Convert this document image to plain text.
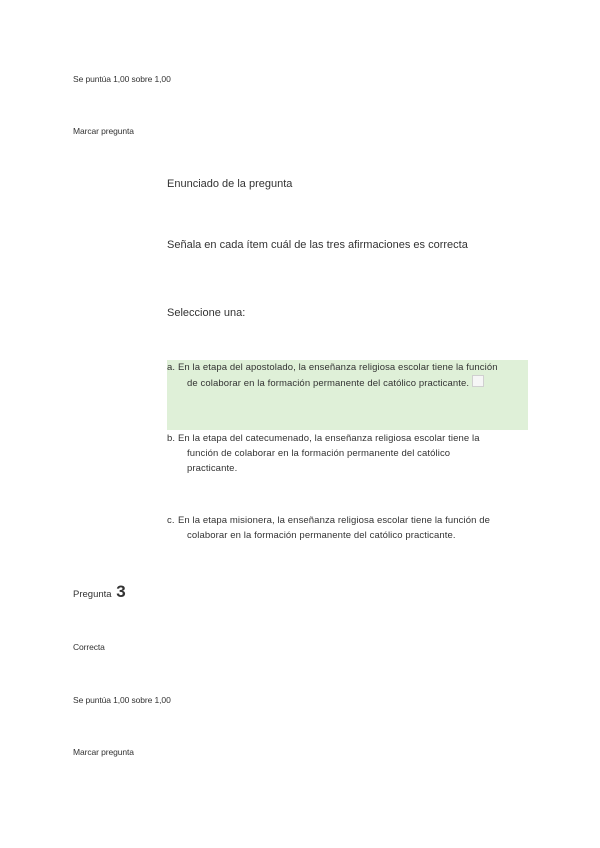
Se puntúa 1,00 sobre 1,00
Marcar pregunta
Enunciado de la pregunta
Señala en cada ítem cuál de las tres afirmaciones es correcta
Seleccione una:
a. En la etapa del apostolado, la enseñanza religiosa escolar tiene la función
de colaborar en la formación permanente del católico practicante.
b. En la etapa del catecumenado, la enseñanza religiosa escolar tiene la
función de colaborar en la formación permanente del católico
practicante.
c. En la etapa misionera, la enseñanza religiosa escolar tiene la función de
colaborar en la formación permanente del católico practicante.
Pregunta 3
Correcta
Se puntúa 1,00 sobre 1,00
Marcar pregunta
